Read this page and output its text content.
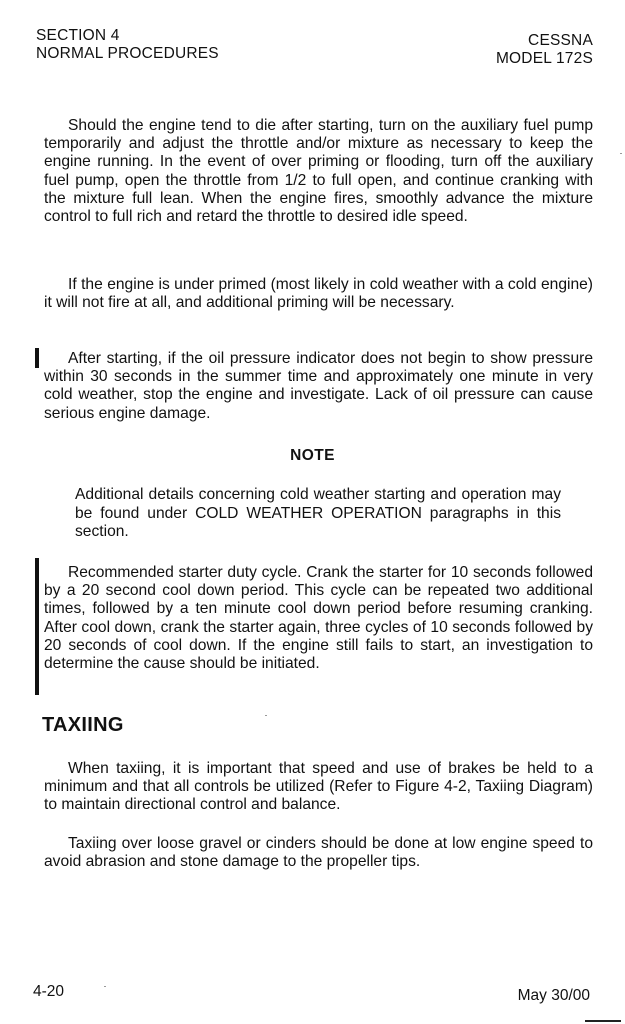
SECTION 4
NORMAL PROCEDURES
CESSNA
MODEL 172S

Should the engine tend to die after starting, turn on the auxiliary fuel pump temporarily and adjust the throttle and/or mixture as necessary to keep the engine running. In the event of over priming or flooding, turn off the auxiliary fuel pump, open the throttle from 1/2 to full open, and continue cranking with the mixture full lean. When the engine fires, smoothly advance the mixture control to full rich and retard the throttle to desired idle speed.

If the engine is under primed (most likely in cold weather with a cold engine) it will not fire at all, and additional priming will be necessary.

After starting, if the oil pressure indicator does not begin to show pressure within 30 seconds in the summer time and approximately one minute in very cold weather, stop the engine and investigate. Lack of oil pressure can cause serious engine damage.

NOTE

Additional details concerning cold weather starting and operation may be found under COLD WEATHER OPERATION paragraphs in this section.

Recommended starter duty cycle. Crank the starter for 10 seconds followed by a 20 second cool down period. This cycle can be repeated two additional times, followed by a ten minute cool down period before resuming cranking. After cool down, crank the starter again, three cycles of 10 seconds followed by 20 seconds of cool down. If the engine still fails to start, an investigation to determine the cause should be initiated.

TAXIING

When taxiing, it is important that speed and use of brakes be held to a minimum and that all controls be utilized (Refer to Figure 4-2, Taxiing Diagram) to maintain directional control and balance.

Taxiing over loose gravel or cinders should be done at low engine speed to avoid abrasion and stone damage to the propeller tips.

4-20	May 30/00
